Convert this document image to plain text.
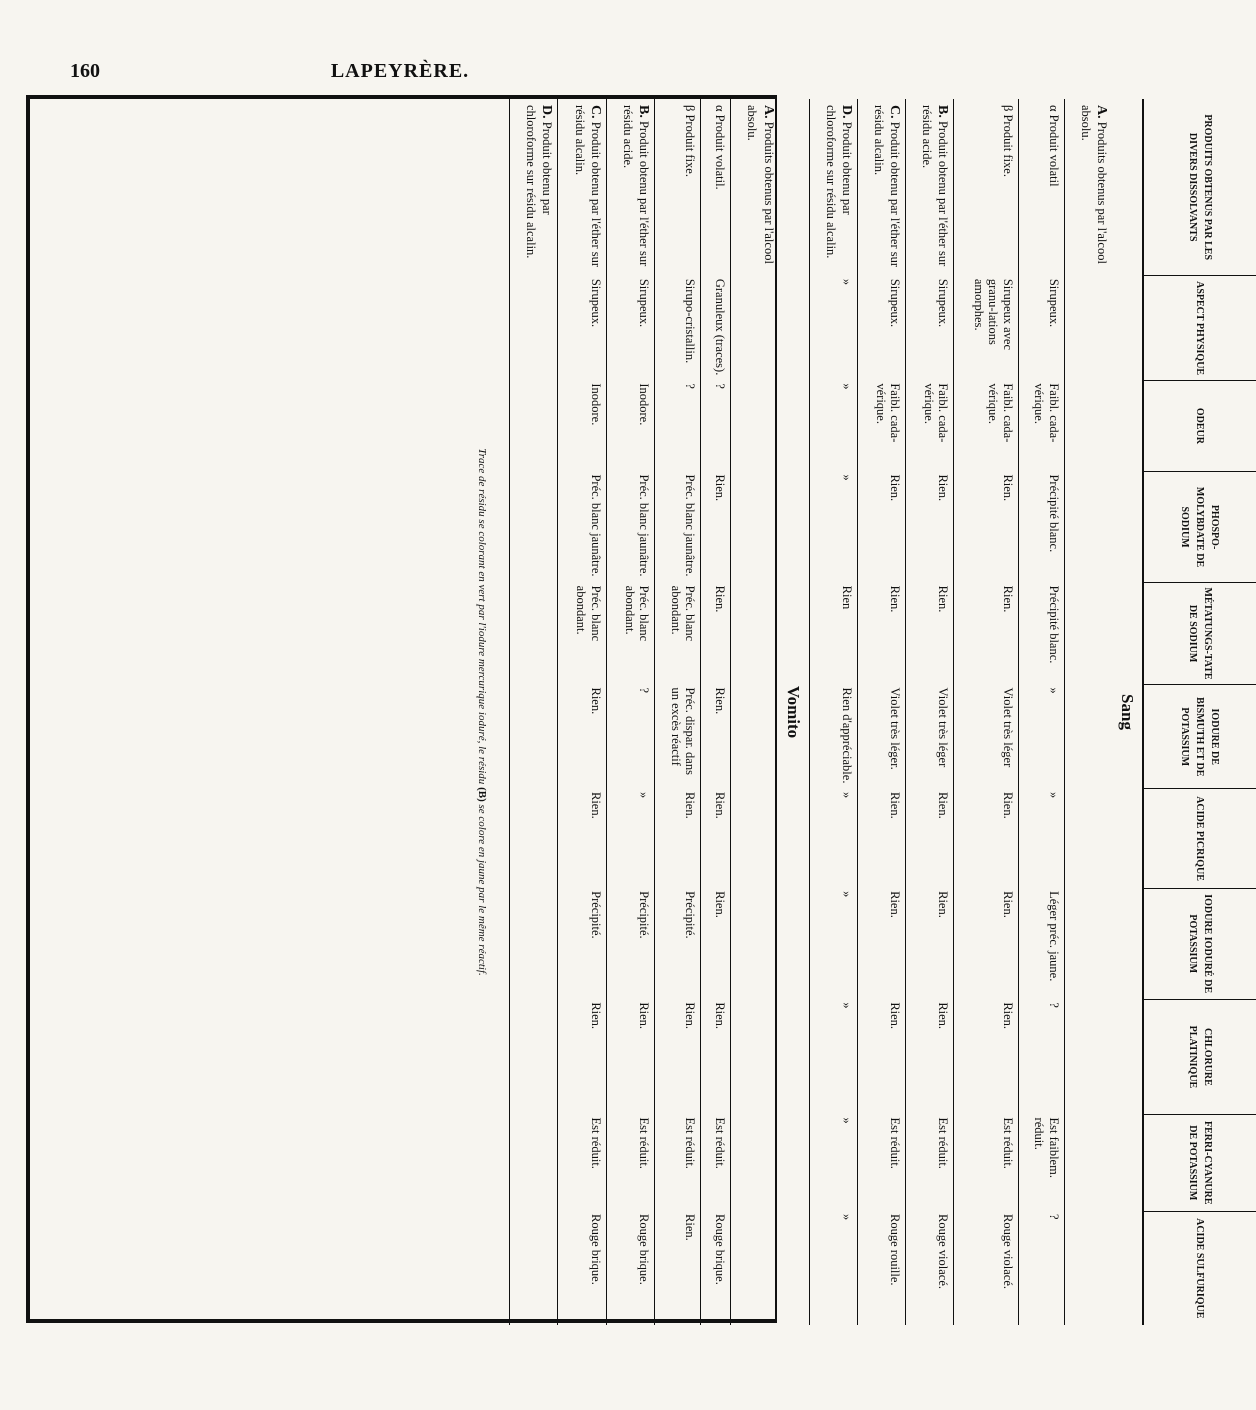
160	LAPEYRÈRE.
PRODUITS OBTENUS PAR LES DIVERS DISSOLVANTS	ASPECT PHYSIQUE	ODEUR	PHOSPO-MOLYBDATE DE SODIUM	MÉTATUNGS-TATE DE SODIUM	IODURE DE BISMUTH ET DE POTASSIUM	ACIDE PICRIQUE	IODURE IODURÉ DE POTASSIUM	CHLORURE PLATINIQUE	FERRI-CYANURE DE POTASSIUM	ACIDE SULFURIQUE
Sang										
A. Produits obtenus par l'alcool absolu.										
α Produit volatil	Sirupeux.	Faibl. cada-vérique.	Précipité blanc.	Précipité blanc.	»	»	Léger préc. jaune.	?	Est faiblem. réduit.	?
β Produit fixe.	Sirupeux avec granu-lations amorphes.	Faibl. cada-vérique.	Rien.	Rien.	Violet très léger	Rien.	Rien.	Rien.	Est réduit.	Rouge violacé.
B. Produit obtenu par l'éther sur résidu acide.	Sirupeux.	Faibl. cada-vérique.	Rien.	Rien.	Violet très léger	Rien.	Rien.	Rien.	Est réduit.	Rouge violacé.
C. Produit obtenu par l'éther sur résidu alcalin.	Sirupeux.	Faibl. cada-vérique.	Rien.	Rien.	Violet très léger.	Rien.	Rien.	Rien.	Est réduit.	Rouge rouille.
D. Produit obtenu par chloroforme sur résidu alcalin.	»	»	»	Rien	Rien d'appréciable.	»	»	»	»	»
Vomito										
A. Produits obtenus par l'alcool absolu.										
α Produit volatil.	Granuleux (traces).	?	Rien.	Rien.	Rien.	Rien.	Rien.	Rien.	Est réduit.	Rouge brique.
β Produit fixe.	Sirupo-cristallin.	?	Préc. blanc jaunâtre.	Préc. blanc abondant.	Préc. dispar. dans un excès réactif	Rien.	Précipité.	Rien.	Est réduit.	Rien.
B. Produit obtenu par l'éther sur résidu acide.	Sirupeux.	Inodore.	Préc. blanc jaunâtre.	Préc. blanc abondant.	?	»	Précipité.	Rien.	Est réduit.	Rouge brique.
C. Produit obtenu par l'éther sur résidu alcalin.	Sirupeux.	Inodore.	Préc. blanc jaunâtre.	Préc. blanc abondant.	Rien.	Rien.	Précipité.	Rien.	Est réduit.	Rouge brique.
D. Produit obtenu par chloroforme sur résidu alcalin.										
Trace de résidu se colorant en vert par l'iodure mercurique ioduré, le résidu (B) se colore en jaune par le même réactif.
